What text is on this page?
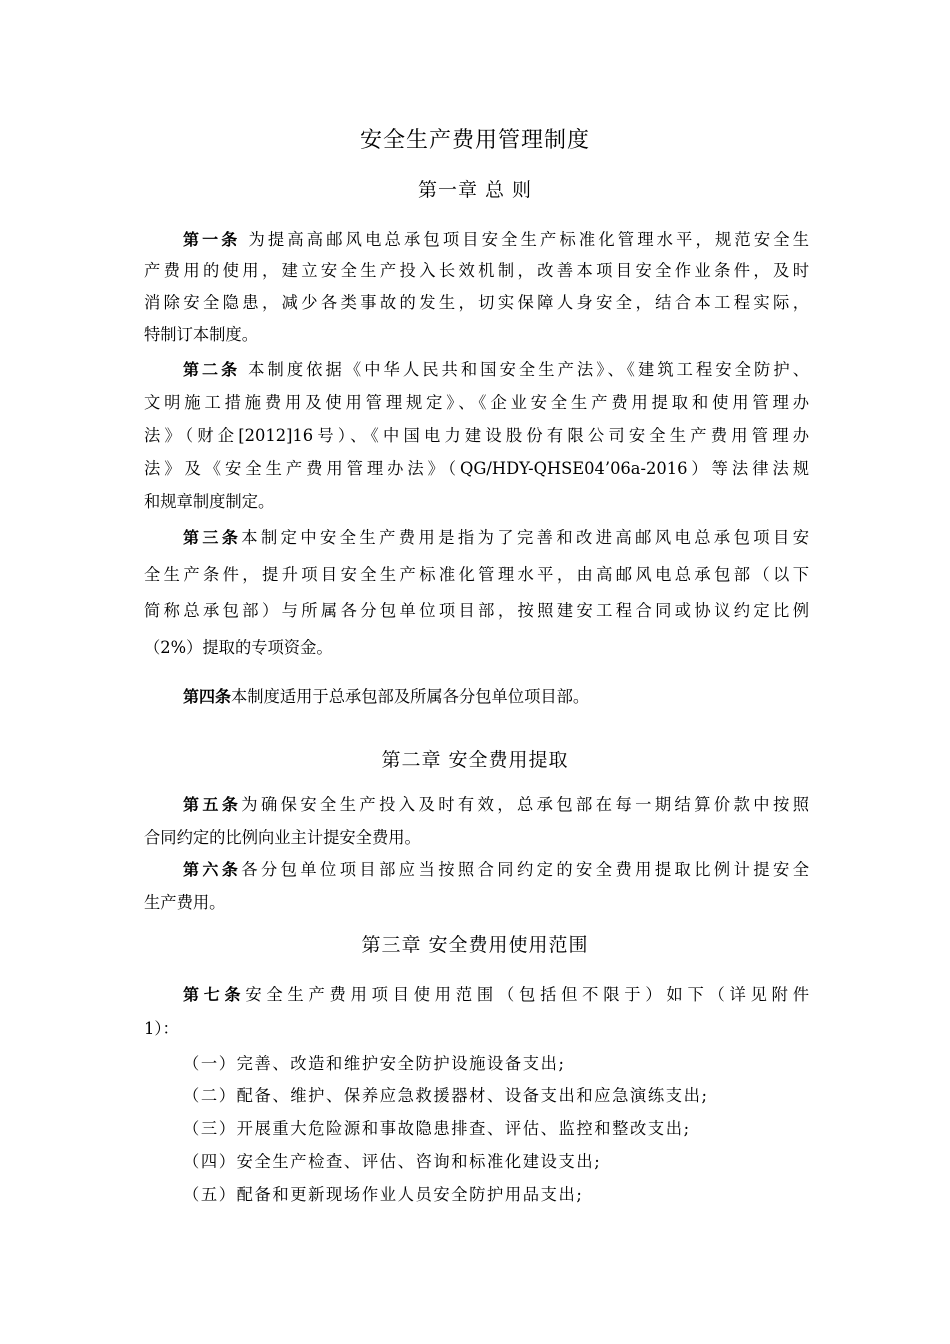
安全生产费用管理制度
第一章 总 则
第一条 为提高高邮风电总承包项目安全生产标准化管理水平，规范安全生
产费用的使用，建立安全生产投入长效机制，改善本项目安全作业条件，及时
消除安全隐患，减少各类事故的发生，切实保障人身安全，结合本工程实际，
特制订本制度。
第二条 本制度依据《中华人民共和国安全生产法》、《建筑工程安全防护、
文明施工措施费用及使用管理规定》、《企业安全生产费用提取和使用管理办
法》（财企[2012]16号）、《中国电力建设股份有限公司安全生产费用管理办
法》及《安全生产费用管理办法》（QG/HDY-QHSE04’06a-2016）等法律法规
和规章制度制定。
第三条本制定中安全生产费用是指为了完善和改进高邮风电总承包项目安
全生产条件，提升项目安全生产标准化管理水平，由高邮风电总承包部（以下
简称总承包部）与所属各分包单位项目部，按照建安工程合同或协议约定比例
（2%）提取的专项资金。
第四条本制度适用于总承包部及所属各分包单位项目部。
第二章 安全费用提取
第五条为确保安全生产投入及时有效，总承包部在每一期结算价款中按照
合同约定的比例向业主计提安全费用。
第六条各分包单位项目部应当按照合同约定的安全费用提取比例计提安全
生产费用。
第三章 安全费用使用范围
第七条安全生产费用项目使用范围（包括但不限于）如下（详见附件
1）：
（一）完善、改造和维护安全防护设施设备支出;
（二）配备、维护、保养应急救援器材、设备支出和应急演练支出;
（三）开展重大危险源和事故隐患排查、评估、监控和整改支出;
（四）安全生产检查、评估、咨询和标准化建设支出;
（五）配备和更新现场作业人员安全防护用品支出;
